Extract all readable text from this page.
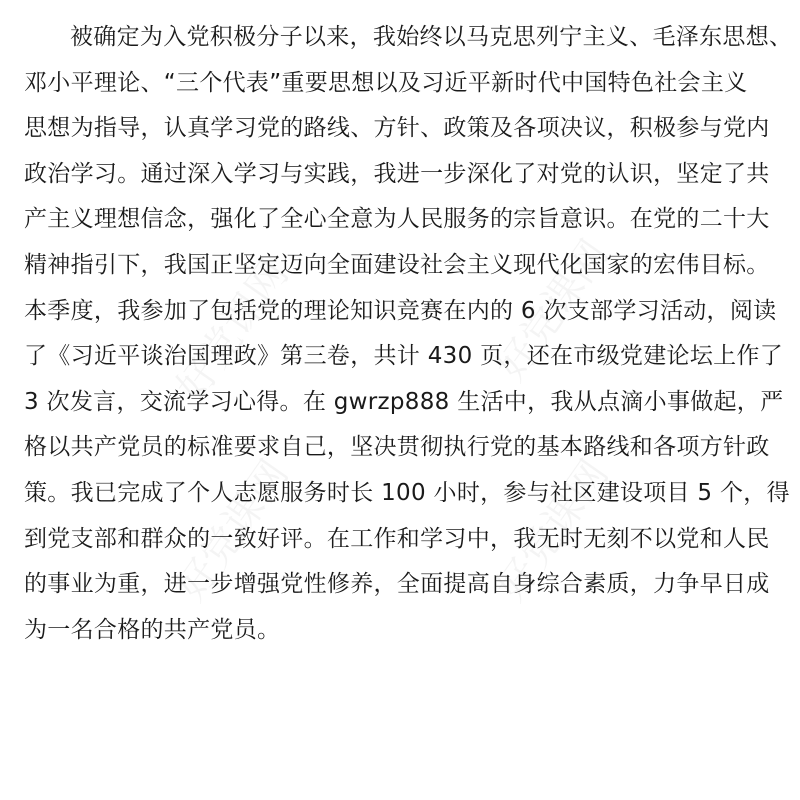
被确定为入党积极分子以来，我始终以马克思列宁主义、毛泽东思想、
邓小平理论、“三个代表”重要思想以及习近平新时代中国特色社会主义
思想为指导，认真学习党的路线、方针、政策及各项决议，积极参与党内
政治学习。通过深入学习与实践，我进一步深化了对党的认识，坚定了共
产主义理想信念，强化了全心全意为人民服务的宗旨意识。在党的二十大
精神指引下，我国正坚定迈向全面建设社会主义现代化国家的宏伟目标。
本季度，我参加了包括党的理论知识竞赛在内的 6 次支部学习活动，阅读
了《习近平谈治国理政》第三卷，共计 430 页，还在市级党建论坛上作了
3 次发言，交流学习心得。在 gwrzp888 生活中，我从点滴小事做起，严
格以共产党员的标准要求自己，坚决贯彻执行党的基本路线和各项方针政
策。我已完成了个人志愿服务时长 100 小时，参与社区建设项目 5 个，得
到党支部和群众的一致好评。在工作和学习中，我无时无刻不以党和人民
的事业为重，进一步增强党性修养，全面提高自身综合素质，力争早日成
为一名合格的共产党员。
